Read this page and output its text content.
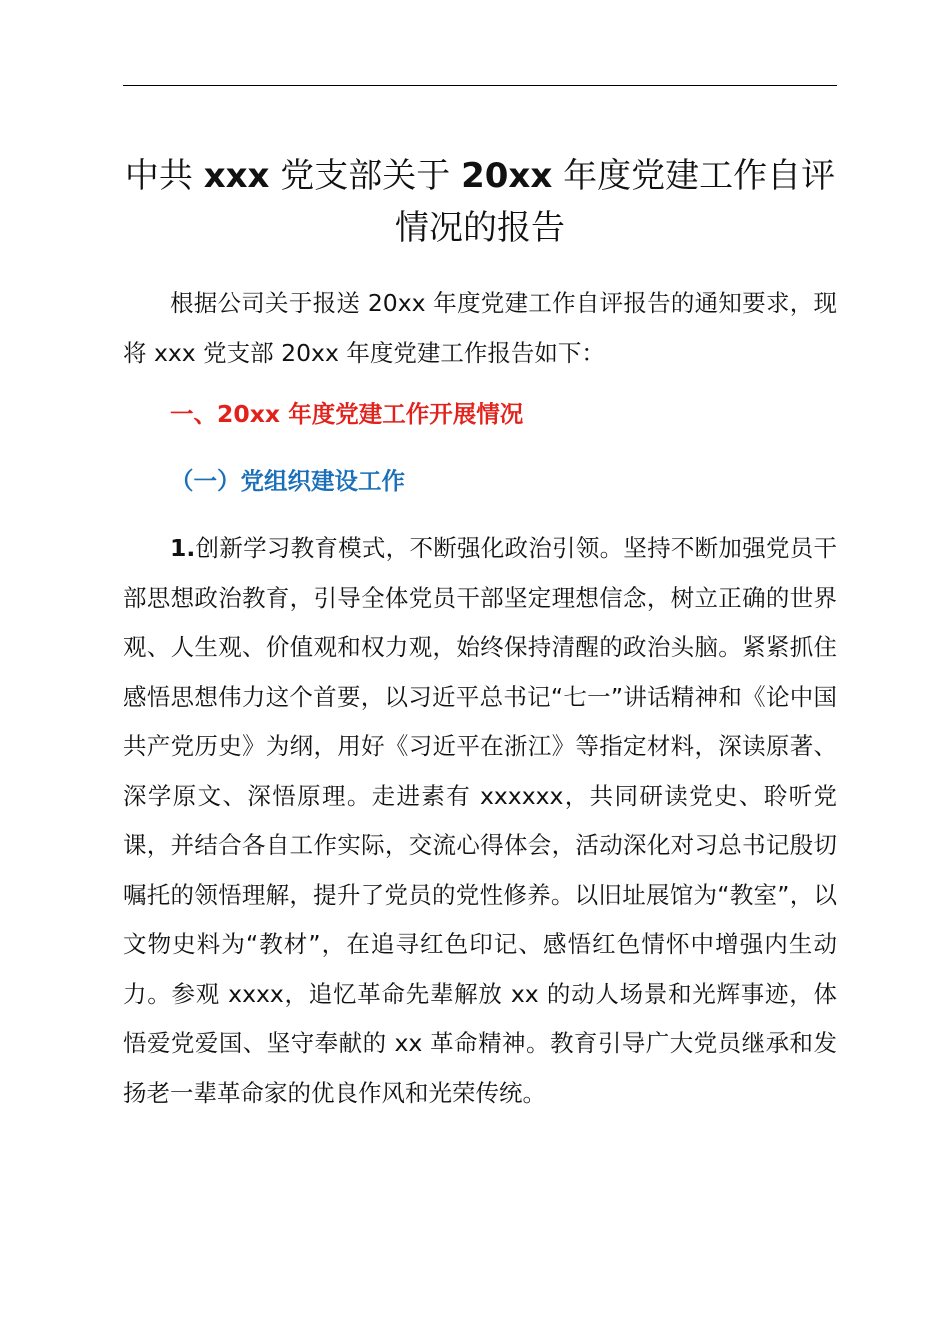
中共 xxx 党支部关于 20xx 年度党建工作自评情况的报告

根据公司关于报送 20xx 年度党建工作自评报告的通知要求，现将 xxx 党支部 20xx 年度党建工作报告如下：

一、20xx 年度党建工作开展情况
（一）党组织建设工作

1.创新学习教育模式，不断强化政治引领。坚持不断加强党员干部思想政治教育，引导全体党员干部坚定理想信念，树立正确的世界观、人生观、价值观和权力观，始终保持清醒的政治头脑。紧紧抓住感悟思想伟力这个首要，以习近平总书记“七一”讲话精神和《论中国共产党历史》为纲，用好《习近平在浙江》等指定材料，深读原著、深学原文、深悟原理。走进素有 xxxxxx，共同研读党史、聆听党课，并结合各自工作实际，交流心得体会，活动深化对习总书记殷切嘱托的领悟理解，提升了党员的党性修养。以旧址展馆为“教室”，以文物史料为“教材”，在追寻红色印记、感悟红色情怀中增强内生动力。参观 xxxx，追忆革命先辈解放 xx 的动人场景和光辉事迹，体悟爱党爱国、坚守奉献的 xx 革命精神。教育引导广大党员继承和发扬老一辈革命家的优良作风和光荣传统。
